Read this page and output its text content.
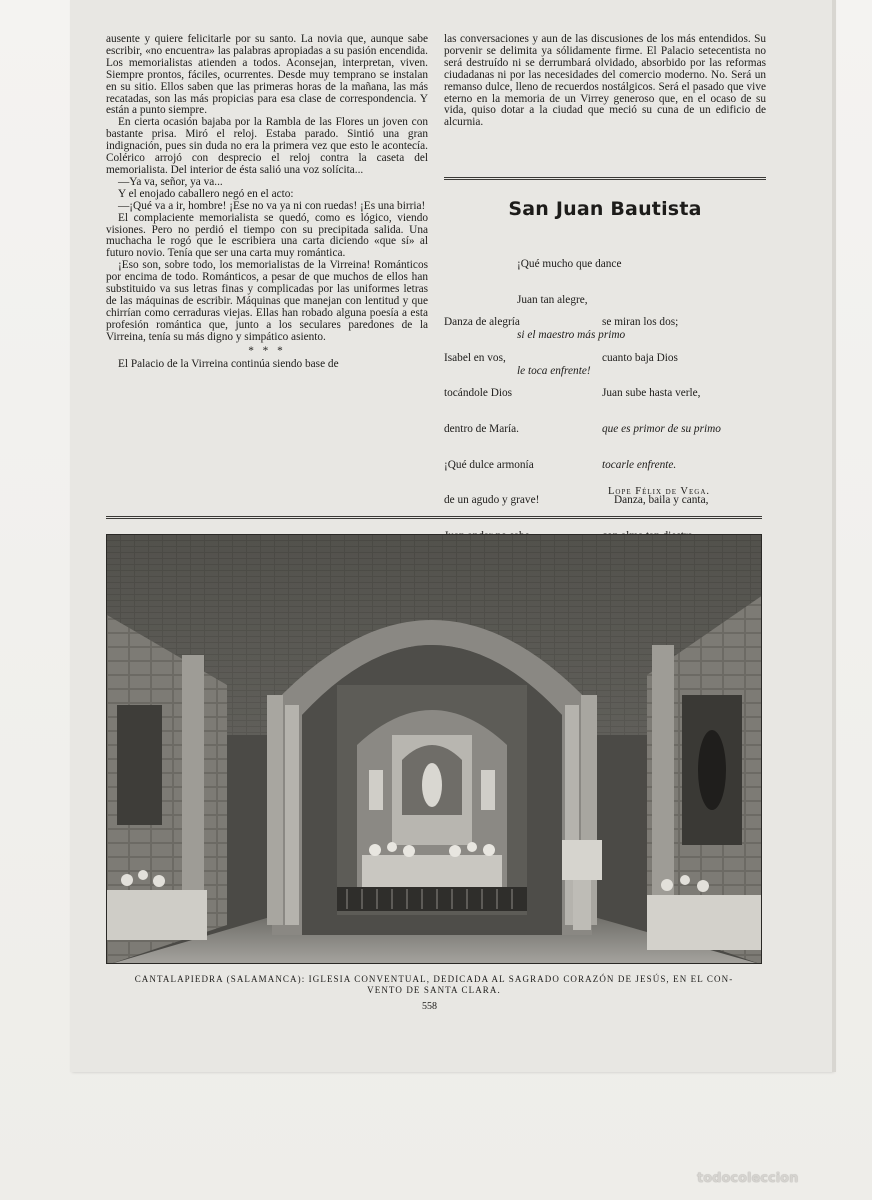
ausente y quiere felicitarle por su santo. La novia que, aunque sabe escribir, «no encuentra» las palabras apropiadas a su pasión encendida. Los memorialistas atienden a todos. Aconsejan, interpretan, viven. Siempre prontos, fáciles, ocurrentes. Desde muy temprano se instalan en su sitio. Ellos saben que las primeras horas de la mañana, las más recatadas, son las más propicias para esa clase de correspondencia. Y están a punto siempre.

En cierta ocasión bajaba por la Rambla de las Flores un joven con bastante prisa. Miró el reloj. Estaba parado. Sintió una gran indignación, pues sin duda no era la primera vez que esto le acontecía. Colérico arrojó con desprecio el reloj contra la caseta del memorialista. Del interior de ésta salió una voz solícita...

—Ya va, señor, ya va...

Y el enojado caballero negó en el acto:

—¡Qué va a ir, hombre! ¡Ese no va ya ni con ruedas! ¡Es una birria!

El complaciente memorialista se quedó, como es lógico, viendo visiones. Pero no perdió el tiempo con su precipitada salida. Una muchacha le rogó que le escribiera una carta diciendo «que sí» al futuro novio. Tenía que ser una carta muy romántica.

¡Eso son, sobre todo, los memorialistas de la Virreina! Románticos por encima de todo. Románticos, a pesar de que muchos de ellos han substituido va sus letras finas y complicadas por las uniformes letras de las máquinas de escribir. Máquinas que manejan con lentitud y que chirrían como cerraduras viejas. Ellas han robado alguna poesía a esta profesión romántica que, junto a los seculares paredones de la Virreina, tenía su más digno y simpático asiento.

* * *

El Palacio de la Virreina continúa siendo base de

las conversaciones y aun de las discusiones de los más entendidos. Su porvenir se delimita ya sólidamente firme. El Palacio setecentista no será destruído ni se derrumbará olvidado, absorbido por las reformas ciudadanas ni por las necesidades del comercio moderno. No. Será un remanso dulce, lleno de recuerdos nostálgicos. Será el pasado que vive eterno en la memoria de un Virrey generoso que, en el ocaso de su vida, quiso dotar a la ciudad que meció su cuna de un edificio de alcurnia.

San Juan Bautista

¡Qué mucho que dance

Juan tan alegre,

si el maestro más primo

le toca enfrente!

Danza de alegría

Isabel en vos,

tocándole Dios

dentro de María.

¡Qué dulce armonía

de un agudo y grave!

se miran los dos;

cuanto baja Dios

Juan sube hasta verle,

que es primor de su primo

tocarle enfrente.

Danza, baila y canta,

Lope Félix de Vega.
CANTALAPIEDRA (SALAMANCA): IGLESIA CONVENTUAL, DEDICADA AL SAGRADO CORAZÓN DE JESÚS, EN EL CON-
VENTO DE SANTA CLARA.
558
todocoleccion
